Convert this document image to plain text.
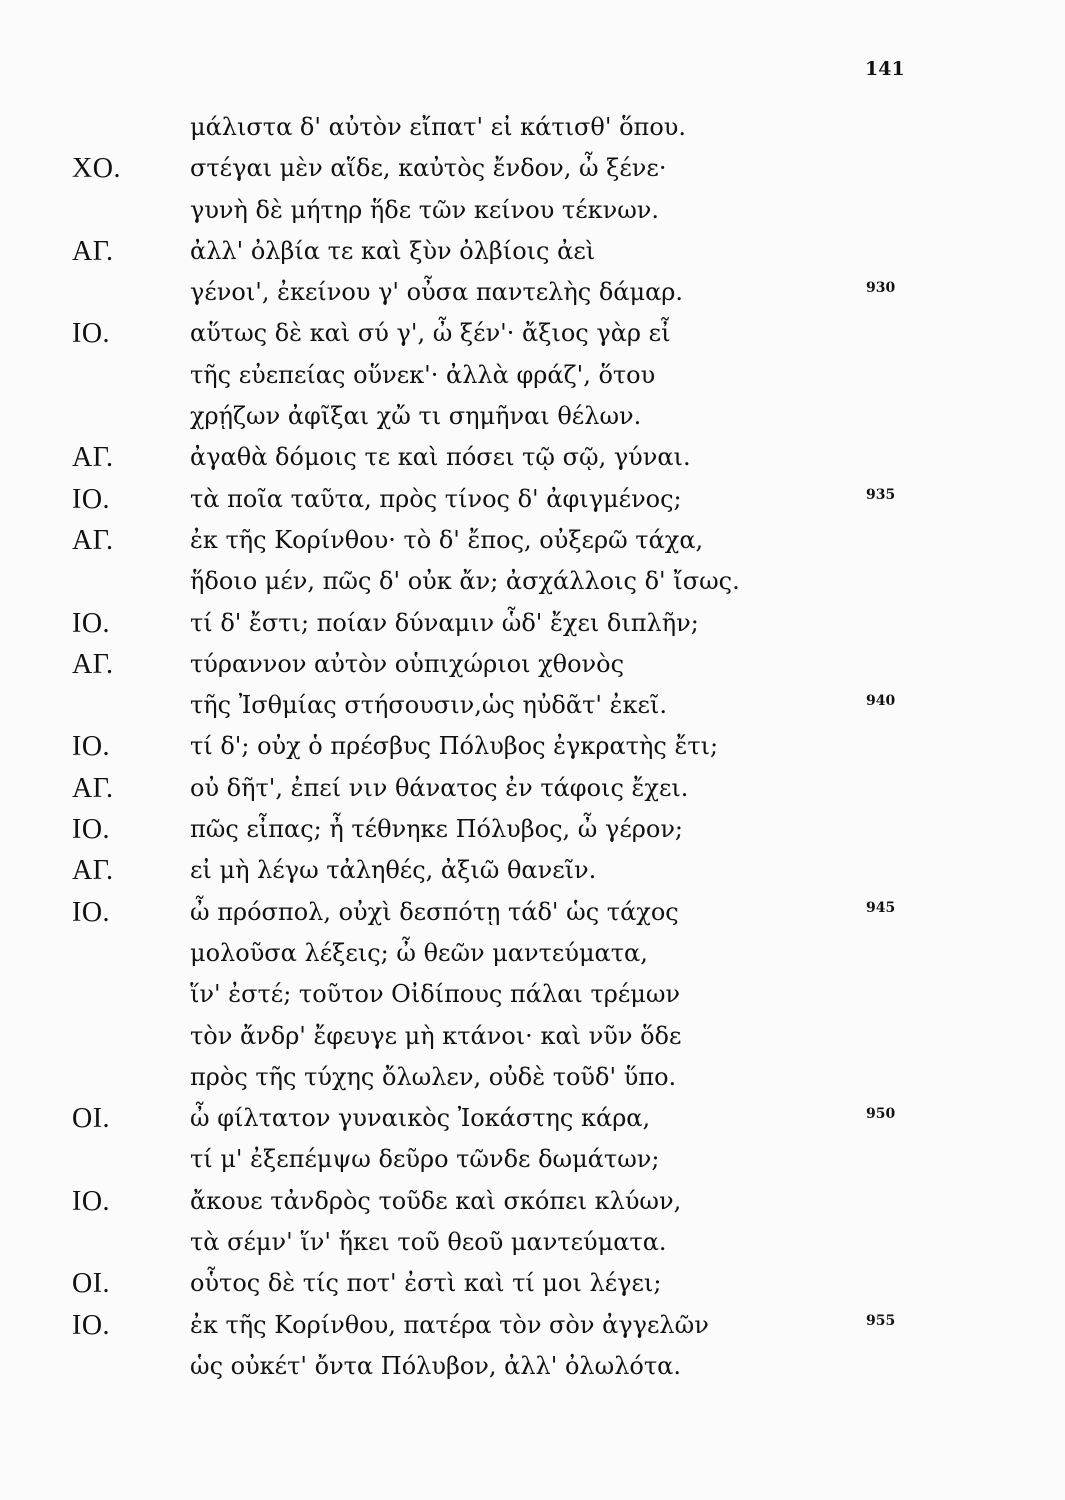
141
μάλιστα δ' αὐτὸν εἴπατ' εἰ κάτισθ' ὅπου.
ΧΟ.	στέγαι μὲν αἵδε, καὐτὸς ἔνδον, ὦ ξένε·
γυνὴ δὲ μήτηρ ἥδε τῶν κείνου τέκνων.
ΑΓ.	ἀλλ' ὀλβία τε καὶ ξὺν ὀλβίοις ἀεὶ
γένοι', ἐκείνου γ' οὖσα παντελὴς δάμαρ.	930
ΙΟ.	αὕτως δὲ καὶ σύ γ', ὦ ξέν'· ἄξιος γὰρ εἶ
τῆς εὐεπείας οὕνεκ'· ἀλλὰ φράζ', ὅτου
χρῄζων ἀφῖξαι χὤ τι σημῆναι θέλων.
ΑΓ.	ἀγαθὰ δόμοις τε καὶ πόσει τῷ σῷ, γύναι.
ΙΟ.	τὰ ποῖα ταῦτα, πρὸς τίνος δ' ἀφιγμένος;	935
ΑΓ.	ἐκ τῆς Κορίνθου· τὸ δ' ἔπος, οὐξερῶ τάχα,
ἥδοιο μέν, πῶς δ' οὐκ ἄν; ἀσχάλλοις δ' ἴσως.
ΙΟ.	τί δ' ἔστι; ποίαν δύναμιν ὧδ' ἔχει διπλῆν;
ΑΓ.	τύραννον αὐτὸν οὑπιχώριοι χθονὸς
τῆς Ἰσθμίας στήσουσιν,ὡς ηὐδᾶτ' ἐκεῖ.	940
ΙΟ.	τί δ'; οὐχ ὁ πρέσβυς Πόλυβος ἐγκρατὴς ἔτι;
ΑΓ.	οὐ δῆτ', ἐπεί νιν θάνατος ἐν τάφοις ἔχει.
ΙΟ.	πῶς εἶπας; ἦ τέθνηκε Πόλυβος, ὦ γέρον;
ΑΓ.	εἰ μὴ λέγω τἀληθές, ἀξιῶ θανεῖν.
ΙΟ.	ὦ πρόσπολ, οὐχὶ δεσπότῃ τάδ' ὡς τάχος	945
μολοῦσα λέξεις; ὦ θεῶν μαντεύματα,
ἵν' ἐστέ; τοῦτον Οἰδίπους πάλαι τρέμων
τὸν ἄνδρ' ἔφευγε μὴ κτάνοι· καὶ νῦν ὅδε
πρὸς τῆς τύχης ὄλωλεν, οὐδὲ τοῦδ' ὕπο.
ΟΙ.	ὦ φίλτατον γυναικὸς Ἰοκάστης κάρα,	950
τί μ' ἐξεπέμψω δεῦρο τῶνδε δωμάτων;
ΙΟ.	ἄκουε τἀνδρὸς τοῦδε καὶ σκόπει κλύων,
τὰ σέμν' ἵν' ἥκει τοῦ θεοῦ μαντεύματα.
ΟΙ.	οὗτος δὲ τίς ποτ' ἐστὶ καὶ τί μοι λέγει;
ΙΟ.	ἐκ τῆς Κορίνθου, πατέρα τὸν σὸν ἀγγελῶν	955
ὡς οὐκέτ' ὄντα Πόλυβον, ἀλλ' ὀλωλότα.
